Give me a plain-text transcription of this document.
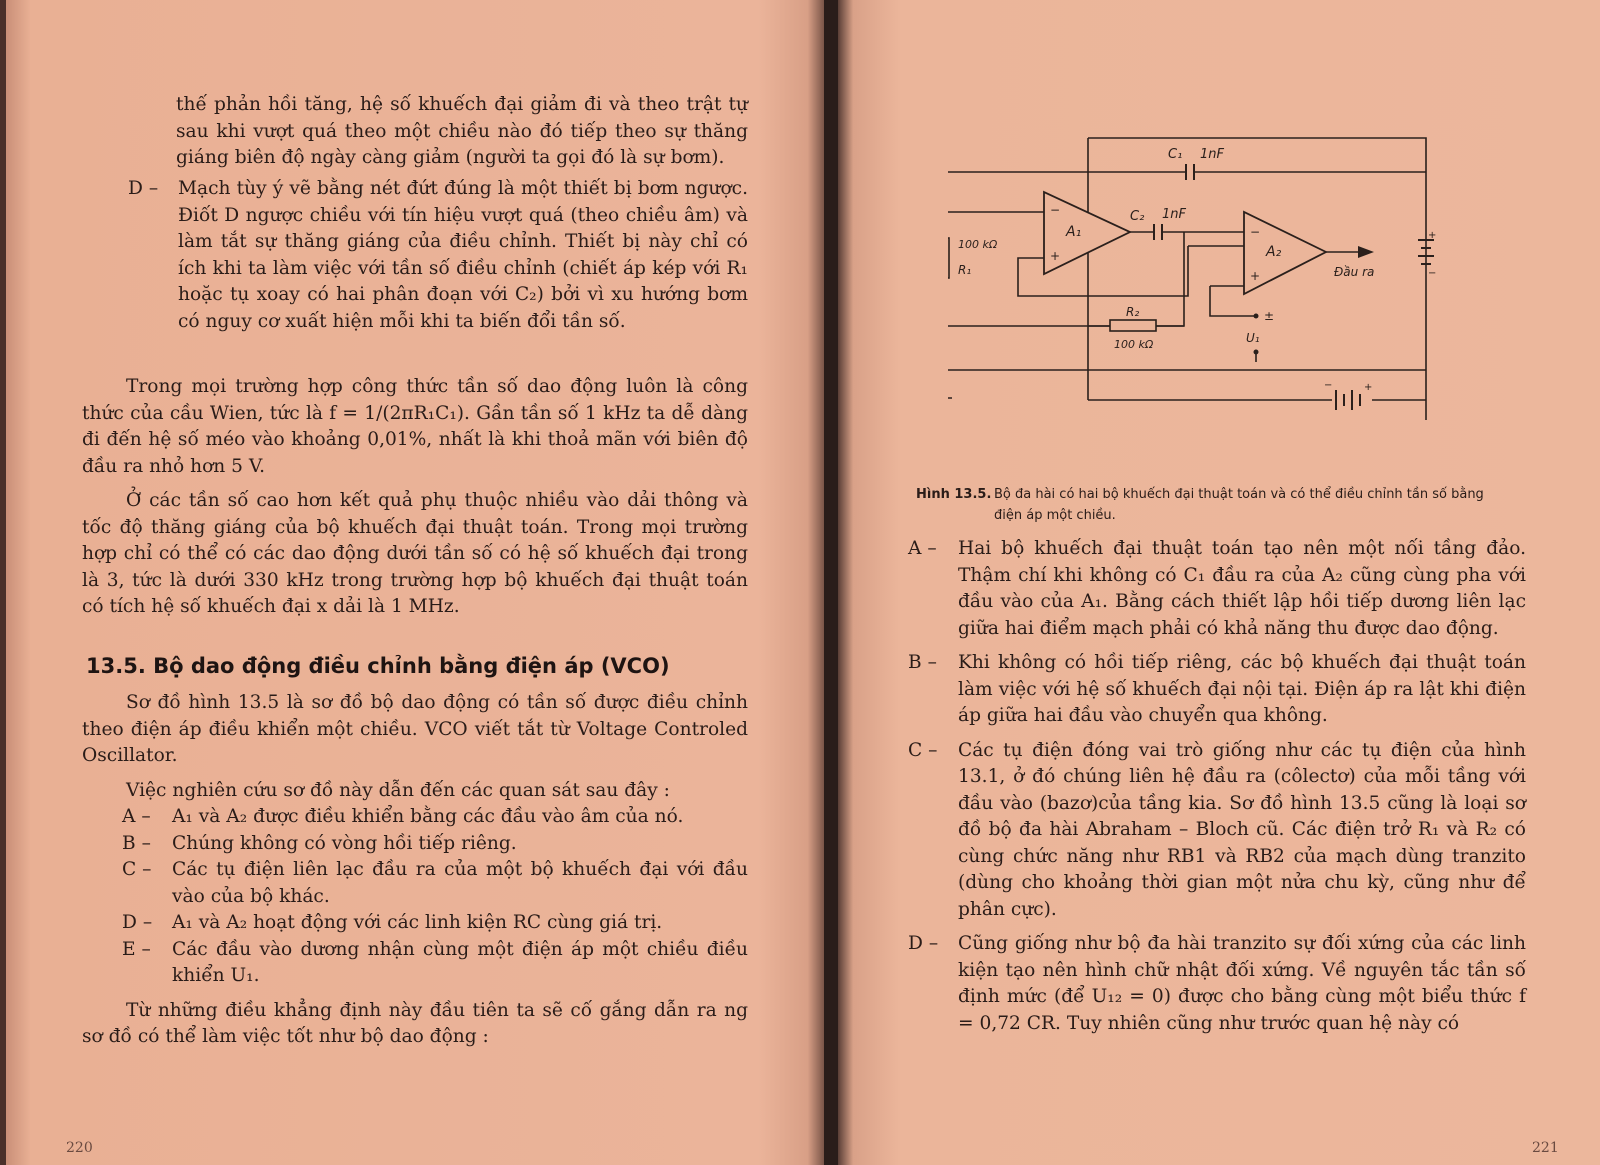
thế phản hồi tăng, hệ số khuếch đại giảm đi và theo trật tự sau khi vượt quá theo một chiều nào đó tiếp theo sự thăng giáng biên độ ngày càng giảm (người ta gọi đó là sự bơm).

D –	Mạch tùy ý vẽ bằng nét đứt đúng là một thiết bị bơm ngược. Điốt D ngược chiều với tín hiệu vượt quá (theo chiều âm) và làm tắt sự thăng giáng của điều chỉnh. Thiết bị này chỉ có ích khi ta làm việc với tần số điều chỉnh (chiết áp kép với R₁ hoặc tụ xoay có hai phân đoạn với C₂) bởi vì xu hướng bơm có nguy cơ xuất hiện mỗi khi ta biến đổi tần số.

Trong mọi trường hợp công thức tần số dao động luôn là công thức của cầu Wien, tức là f = 1/(2πR₁C₁). Gần tần số 1 kHz ta dễ dàng đi đến hệ số méo vào khoảng 0,01%, nhất là khi thoả mãn với biên độ đầu ra nhỏ hơn 5 V.

Ở các tần số cao hơn kết quả phụ thuộc nhiều vào dải thông và tốc độ thăng giáng của bộ khuếch đại thuật toán. Trong mọi trường hợp chỉ có thể có các dao động dưới tần số có hệ số khuếch đại trong là 3, tức là dưới 330 kHz trong trường hợp bộ khuếch đại thuật toán có tích hệ số khuếch đại x dải là 1 MHz.

13.5. Bộ dao động điều chỉnh bằng điện áp (VCO)

Sơ đồ hình 13.5 là sơ đồ bộ dao động có tần số được điều chỉnh theo điện áp điều khiển một chiều. VCO viết tắt từ Voltage Controled Oscillator.

Việc nghiên cứu sơ đồ này dẫn đến các quan sát sau đây :

A –	A₁ và A₂ được điều khiển bằng các đầu vào âm của nó.
B –	Chúng không có vòng hồi tiếp riêng.
C –	Các tụ điện liên lạc đầu ra của một bộ khuếch đại với đầu vào của bộ khác.
D –	A₁ và A₂ hoạt động với các linh kiện RC cùng giá trị.
E –	Các đầu vào dương nhận cùng một điện áp một chiều điều khiển U₁.

Từ những điều khẳng định này đầu tiên ta sẽ cố gắng dẫn ra ng sơ đồ có thể làm việc tốt như bộ dao động :

220	221
C₁ 1nF
C₂ 1nF
A₁
A₂
100 kΩ
R₁
R₂
100 kΩ	U₁
Đầu ra
−
+
−
+
±
+
−
−	+
Hình 13.5. Bộ đa hài có hai bộ khuếch đại thuật toán và có thể điều chỉnh tần số bằng điện áp một chiều.
A –	Hai bộ khuếch đại thuật toán tạo nên một nối tầng đảo. Thậm chí khi không có C₁ đầu ra của A₂ cũng cùng pha với đầu vào của A₁. Bằng cách thiết lập hồi tiếp dương liên lạc giữa hai điểm mạch phải có khả năng thu được dao động.
B –	Khi không có hồi tiếp riêng, các bộ khuếch đại thuật toán làm việc với hệ số khuếch đại nội tại. Điện áp ra lật khi điện áp giữa hai đầu vào chuyển qua không.
C –	Các tụ điện đóng vai trò giống như các tụ điện của hình 13.1, ở đó chúng liên hệ đầu ra (côlectơ) của mỗi tầng với đầu vào (bazơ)của tầng kia. Sơ đồ hình 13.5 cũng là loại sơ đồ bộ đa hài Abraham – Bloch cũ. Các điện trở R₁ và R₂ có cùng chức năng như RB1 và RB2 của mạch dùng tranzito (dùng cho khoảng thời gian một nửa chu kỳ, cũng như để phân cực).
D –	Cũng giống như bộ đa hài tranzito sự đối xứng của các linh kiện tạo nên hình chữ nhật đối xứng. Về nguyên tắc tần số định mức (để U₁₂ = 0) được cho bằng cùng một biểu thức f = 0,72 CR. Tuy nhiên cũng như trước quan hệ này có
